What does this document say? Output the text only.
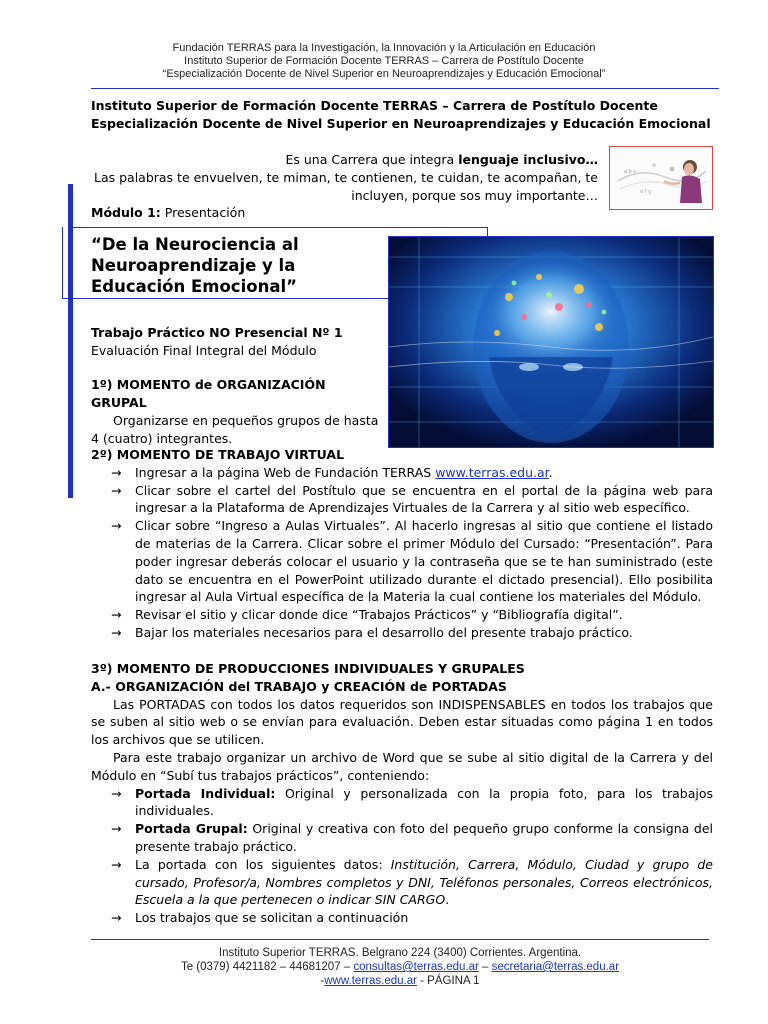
Fundación TERRAS para la Investigación, la Innovación y la Articulación en Educación
Instituto Superior de Formación Docente TERRAS – Carrera de Postítulo Docente
“Especialización Docente de Nivel Superior en Neuroaprendizajes y Educación Emocional”
Instituto Superior de Formación Docente TERRAS – Carrera de Postítulo Docente
Especialización Docente de Nivel Superior en Neuroaprendizajes y Educación Emocional
Es una Carrera que integra lenguaje inclusivo…
Las palabras te envuelven, te miman, te contienen, te cuidan, te acompañan, te
incluyen, porque sos muy importante…
a b c
e f g
Módulo 1: Presentación
“De la Neurociencia al Neuroaprendizaje y la Educación Emocional”
Trabajo Práctico NO Presencial Nº 1
Evaluación Final Integral del Módulo
1º) MOMENTO de ORGANIZACIÓN GRUPAL
Organizarse en pequeños grupos de hasta
4 (cuatro) integrantes.
2º) MOMENTO DE TRABAJO VIRTUAL
→ Ingresar a la página Web de Fundación TERRAS www.terras.edu.ar.
→ Clicar sobre el cartel del Postítulo que se encuentra en el portal de la página web para ingresar a la Plataforma de Aprendizajes Virtuales de la Carrera y al sitio web específico.
→ Clicar sobre “Ingreso a Aulas Virtuales”. Al hacerlo ingresas al sitio que contiene el listado de materias de la Carrera. Clicar sobre el primer Módulo del Cursado: “Presentación”. Para poder ingresar deberás colocar el usuario y la contraseña que se te han suministrado (este dato se encuentra en el PowerPoint utilizado durante el dictado presencial). Ello posibilita ingresar al Aula Virtual específica de la Materia la cual contiene los materiales del Módulo.
→ Revisar el sitio y clicar donde dice “Trabajos Prácticos” y “Bibliografía digital”.
→ Bajar los materiales necesarios para el desarrollo del presente trabajo práctico.
3º) MOMENTO DE PRODUCCIONES INDIVIDUALES Y GRUPALES
A.- ORGANIZACIÓN del TRABAJO y CREACIÓN de PORTADAS
Las PORTADAS con todos los datos requeridos son INDISPENSABLES en todos los trabajos que se suben al sitio web o se envían para evaluación. Deben estar situadas como página 1 en todos los archivos que se utilicen.
Para este trabajo organizar un archivo de Word que se sube al sitio digital de la Carrera y del Módulo en “Subí tus trabajos prácticos”, conteniendo:
→ Portada Individual: Original y personalizada con la propia foto, para los trabajos individuales.
→ Portada Grupal: Original y creativa con foto del pequeño grupo conforme la consigna del presente trabajo práctico.
→ La portada con los siguientes datos: Institución, Carrera, Módulo, Ciudad y grupo de cursado, Profesor/a, Nombres completos y DNI, Teléfonos personales, Correos electrónicos, Escuela a la que pertenecen o indicar SIN CARGO.
→ Los trabajos que se solicitan a continuación
Instituto Superior TERRAS. Belgrano 224 (3400) Corrientes. Argentina.
Te (0379) 4421182 – 44681207 – consultas@terras.edu.ar – secretaria@terras.edu.ar
-www.terras.edu.ar - PÁGINA 1
